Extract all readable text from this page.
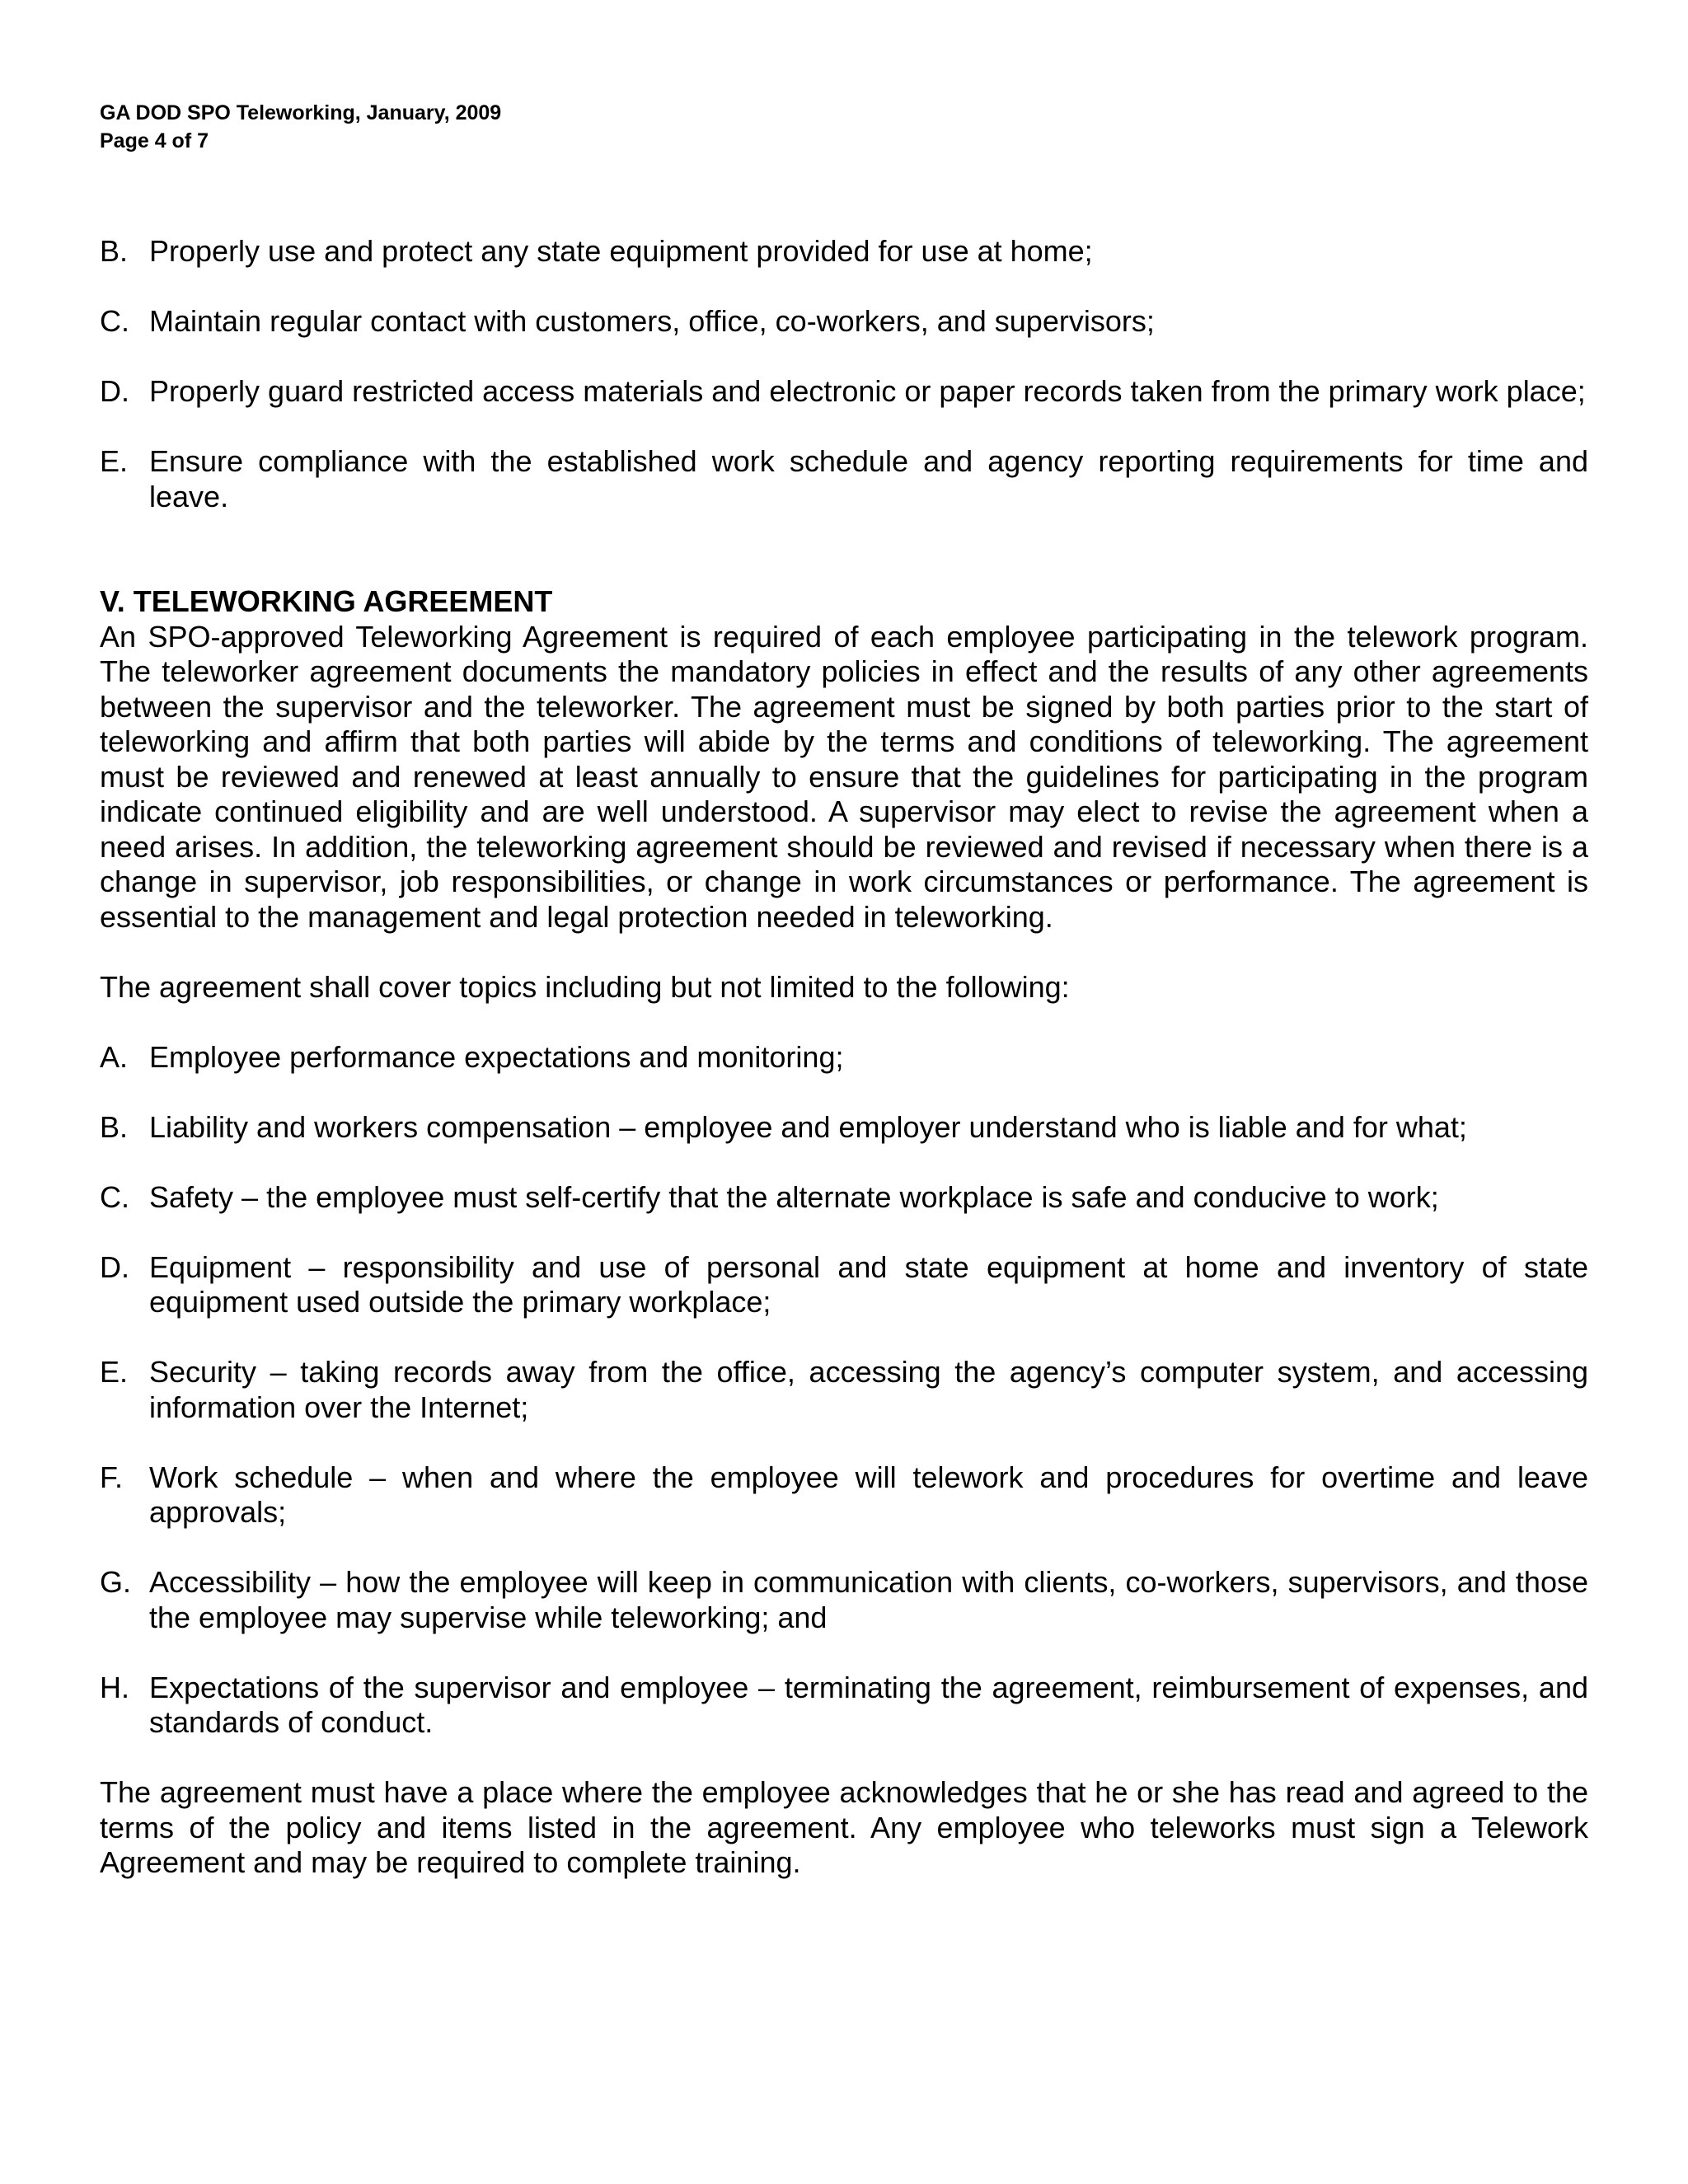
GA DOD SPO Teleworking, January, 2009
Page 4 of 7
B. Properly use and protect any state equipment provided for use at home;
C. Maintain regular contact with customers, office, co-workers, and supervisors;
D. Properly guard restricted access materials and electronic or paper records taken from the primary work place;
E. Ensure compliance with the established work schedule and agency reporting requirements for time and leave.
V. TELEWORKING AGREEMENT

An SPO-approved Teleworking Agreement is required of each employee participating in the telework program. The teleworker agreement documents the mandatory policies in effect and the results of any other agreements between the supervisor and the teleworker. The agreement must be signed by both parties prior to the start of teleworking and affirm that both parties will abide by the terms and conditions of teleworking. The agreement must be reviewed and renewed at least annually to ensure that the guidelines for participating in the program indicate continued eligibility and are well understood. A supervisor may elect to revise the agreement when a need arises. In addition, the teleworking agreement should be reviewed and revised if necessary when there is a change in supervisor, job responsibilities, or change in work circumstances or performance. The agreement is essential to the management and legal protection needed in teleworking.

The agreement shall cover topics including but not limited to the following:

A. Employee performance expectations and monitoring;
B. Liability and workers compensation – employee and employer understand who is liable and for what;
C. Safety – the employee must self-certify that the alternate workplace is safe and conducive to work;
D. Equipment – responsibility and use of personal and state equipment at home and inventory of state equipment used outside the primary workplace;
E. Security – taking records away from the office, accessing the agency’s computer system, and accessing information over the Internet;
F. Work schedule – when and where the employee will telework and procedures for overtime and leave approvals;
G. Accessibility – how the employee will keep in communication with clients, co-workers, supervisors, and those the employee may supervise while teleworking; and
H. Expectations of the supervisor and employee – terminating the agreement, reimbursement of expenses, and standards of conduct.

The agreement must have a place where the employee acknowledges that he or she has read and agreed to the terms of the policy and items listed in the agreement. Any employee who teleworks must sign a Telework Agreement and may be required to complete training.
